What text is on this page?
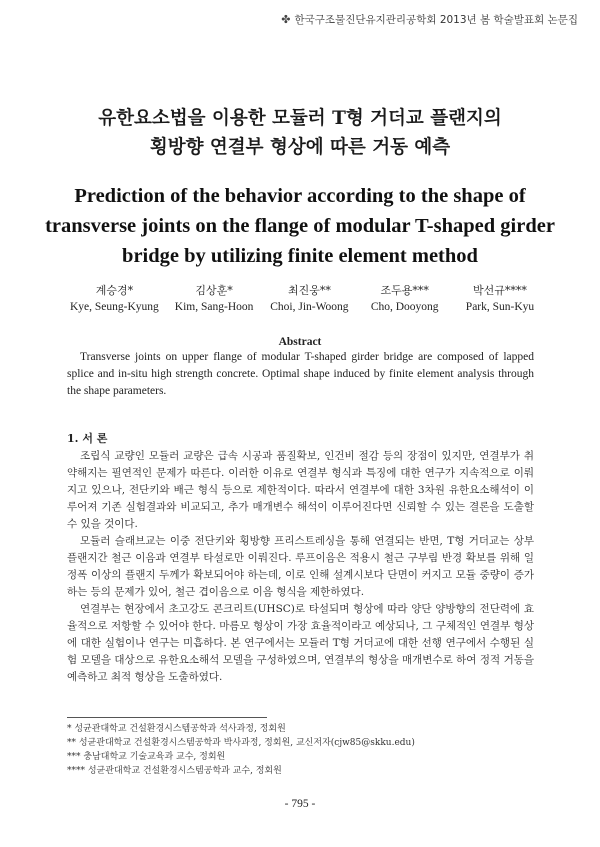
✤ 한국구조물진단유지관리공학회 2013년 봄 학술발표회 논문집
유한요소법을 이용한 모듈러 T형 거더교 플랜지의
횡방향 연결부 형상에 따른 거동 예측
Prediction of the behavior according to the shape of
transverse joints on the flange of modular T-shaped girder
bridge by utilizing finite element method
계승경*
Kye, Seung-Kyung
김상훈*
Kim, Sang-Hoon
최진웅**
Choi, Jin-Woong
조두용***
Cho, Dooyong
박선규****
Park, Sun-Kyu
Abstract

Transverse joints on upper flange of modular T-shaped girder bridge are composed of lapped splice and in-situ high strength concrete. Optimal shape induced by finite element analysis through the shape parameters.

1. 서 론

조립식 교량인 모듈러 교량은 급속 시공과 품질확보, 인건비 절감 등의 장점이 있지만, 연결부가 취약해지는 필연적인 문제가 따른다. 이러한 이유로 연결부 형식과 특징에 대한 연구가 지속적으로 이뤄지고 있으나, 전단키와 배근 형식 등으로 제한적이다. 따라서 연결부에 대한 3차원 유한요소해석이 이루어져 기존 실험결과와 비교되고, 추가 매개변수 해석이 이루어진다면 신뢰할 수 있는 결론을 도출할 수 있을 것이다.

모듈러 슬래브교는 이중 전단키와 횡방향 프리스트레싱을 통해 연결되는 반면, T형 거더교는 상부 플랜지간 철근 이음과 연결부 타설로만 이뤄진다. 루프이음은 적용시 철근 구부림 반경 확보를 위해 일정폭 이상의 플랜지 두께가 확보되어야 하는데, 이로 인해 설계시보다 단면이 커지고 모듈 중량이 증가하는 등의 문제가 있어, 철근 겹이음으로 이음 형식을 제한하였다.

연결부는 현장에서 초고강도 콘크리트(UHSC)로 타설되며 형상에 따라 양단 양방향의 전단력에 효율적으로 저항할 수 있어야 한다. 마름모 형상이 가장 효율적이라고 예상되나, 그 구체적인 연결부 형상에 대한 실험이나 연구는 미흡하다. 본 연구에서는 모듈러 T형 거더교에 대한 선행 연구에서 수행된 실험 모델을 대상으로 유한요소해석 모델을 구성하였으며, 연결부의 형상을 매개변수로 하여 정적 거동을 예측하고 최적 형상을 도출하였다.

* 성균관대학교 건설환경시스템공학과 석사과정, 정회원
** 성균관대학교 건설환경시스템공학과 박사과정, 정회원, 교신저자(cjw85@skku.edu)
*** 충남대학교 기술교육과 교수, 정회원
**** 성균관대학교 건설환경시스템공학과 교수, 정회원
- 795 -
